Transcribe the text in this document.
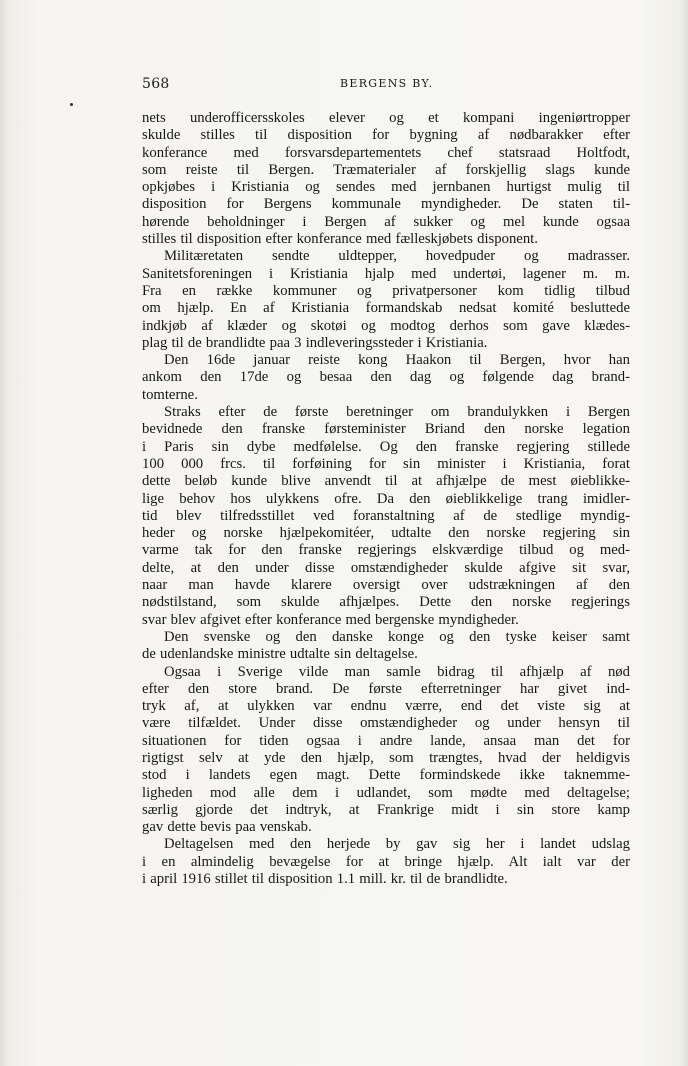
568	BERGENS BY.
nets underofficersskoles elever og et kompani ingeniørtropper
skulde stilles til disposition for bygning af nødbarakker efter
konferance med forsvarsdepartementets chef statsraad Holtfodt,
som reiste til Bergen. Træmaterialer af forskjellig slags kunde
opkjøbes i Kristiania og sendes med jernbanen hurtigst mulig til
disposition for Bergens kommunale myndigheder. De staten til-
hørende beholdninger i Bergen af sukker og mel kunde ogsaa
stilles til disposition efter konferance med fælleskjøbets disponent.
Militæretaten sendte uldtepper, hovedpuder og madrasser.
Sanitetsforeningen i Kristiania hjalp med undertøi, lagener m. m.
Fra en række kommuner og privatpersoner kom tidlig tilbud
om hjælp. En af Kristiania formandskab nedsat komité besluttede
indkjøb af klæder og skotøi og modtog derhos som gave klædes-
plag til de brandlidte paa 3 indleveringssteder i Kristiania.
Den 16de januar reiste kong Haakon til Bergen, hvor han
ankom den 17de og besaa den dag og følgende dag brand-
tomterne.
Straks efter de første beretninger om brandulykken i Bergen
bevidnede den franske førsteminister Briand den norske legation
i Paris sin dybe medfølelse. Og den franske regjering stillede
100 000 frcs. til forføining for sin minister i Kristiania, forat
dette beløb kunde blive anvendt til at afhjælpe de mest øieblikke-
lige behov hos ulykkens ofre. Da den øieblikkelige trang imidler-
tid blev tilfredsstillet ved foranstaltning af de stedlige myndig-
heder og norske hjælpekomitéer, udtalte den norske regjering sin
varme tak for den franske regjerings elskværdige tilbud og med-
delte, at den under disse omstændigheder skulde afgive sit svar,
naar man havde klarere oversigt over udstrækningen af den
nødstilstand, som skulde afhjælpes. Dette den norske regjerings
svar blev afgivet efter konferance med bergenske myndigheder.
Den svenske og den danske konge og den tyske keiser samt
de udenlandske ministre udtalte sin deltagelse.
Ogsaa i Sverige vilde man samle bidrag til afhjælp af nød
efter den store brand. De første efterretninger har givet ind-
tryk af, at ulykken var endnu værre, end det viste sig at
være tilfældet. Under disse omstændigheder og under hensyn til
situationen for tiden ogsaa i andre lande, ansaa man det for
rigtigst selv at yde den hjælp, som trængtes, hvad der heldigvis
stod i landets egen magt. Dette formindskede ikke taknemme-
ligheden mod alle dem i udlandet, som mødte med deltagelse;
særlig gjorde det indtryk, at Frankrige midt i sin store kamp
gav dette bevis paa venskab.
Deltagelsen med den herjede by gav sig her i landet udslag
i en almindelig bevægelse for at bringe hjælp. Alt ialt var der
i april 1916 stillet til disposition 1.1 mill. kr. til de brandlidte.
